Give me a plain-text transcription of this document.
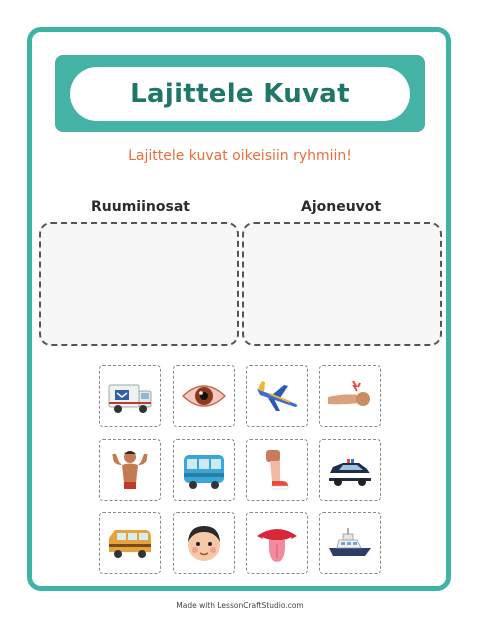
Lajittele Kuvat
Lajittele kuvat oikeisiin ryhmiin!
Ruumiinosat	Ajoneuvot
Made with LessonCraftStudio.com
